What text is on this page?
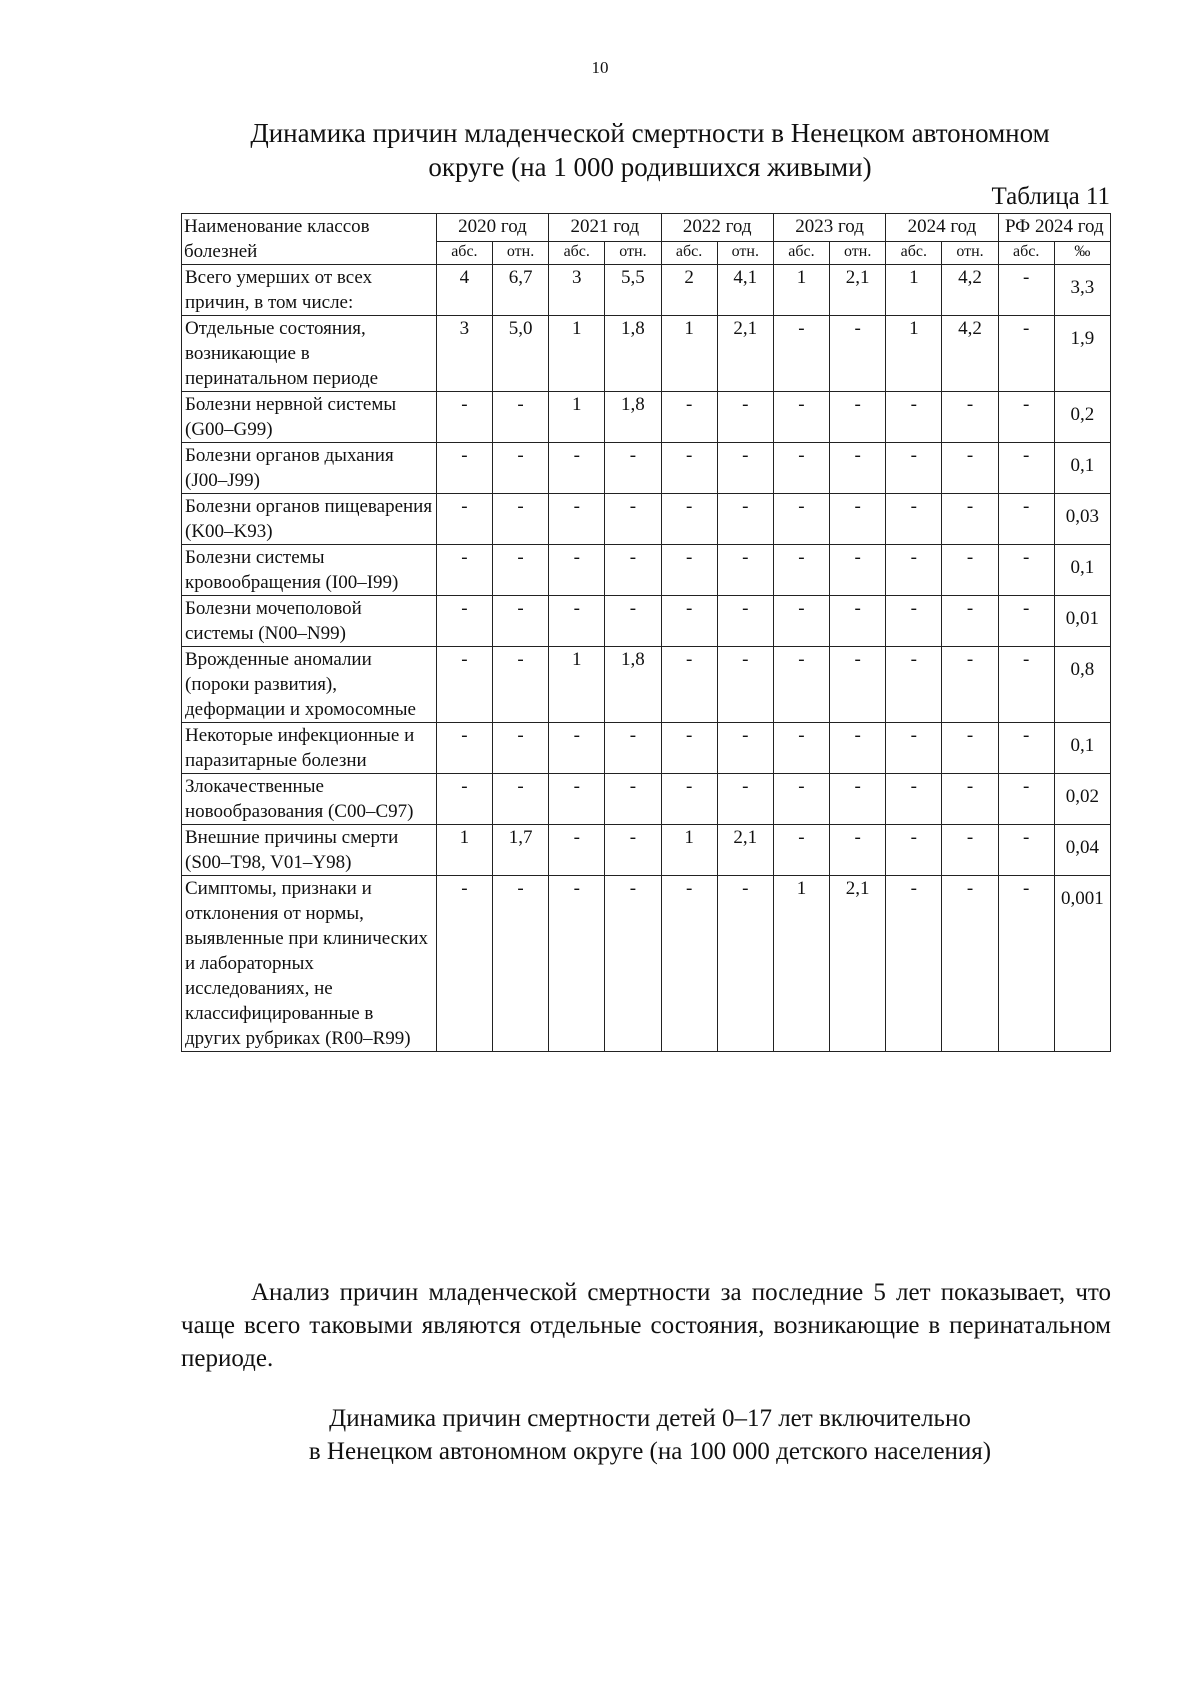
10
Динамика причин младенческой смертности в Ненецком автономном
округе (на 1 000 родившихся живыми)
Таблица 11
Наименование классов болезней	2020 год		2021 год		2022 год		2023 год		2024 год		РФ 2024 год	
	абс.	отн.	абс.	отн.	абс.	отн.	абс.	отн.	абс.	отн.	абс.	‰
Всего умерших от всех причин, в том числе:	4	6,7	3	5,5	2	4,1	1	2,1	1	4,2	-	3,3
Отдельные состояния, возникающие в перинатальном периоде	3	5,0	1	1,8	1	2,1	-	-	1	4,2	-	1,9
Болезни нервной системы (G00–G99)	-	-	1	1,8	-	-	-	-	-	-	-	0,2
Болезни органов дыхания (J00–J99)	-	-	-	-	-	-	-	-	-	-	-	0,1
Болезни органов пищеварения (K00–K93)	-	-	-	-	-	-	-	-	-	-	-	0,03
Болезни системы кровообращения (I00–I99)	-	-	-	-	-	-	-	-	-	-	-	0,1
Болезни мочеполовой системы (N00–N99)	-	-	-	-	-	-	-	-	-	-	-	0,01
Врожденные аномалии (пороки развития), деформации и хромосомные	-	-	1	1,8	-	-	-	-	-	-	-	0,8
Некоторые инфекционные и паразитарные болезни	-	-	-	-	-	-	-	-	-	-	-	0,1
Злокачественные новообразования (C00–C97)	-	-	-	-	-	-	-	-	-	-	-	0,02
Внешние причины смерти (S00–T98, V01–Y98)	1	1,7	-	-	1	2,1	-	-	-	-	-	0,04
Симптомы, признаки и отклонения от нормы, выявленные при клинических и лабораторных исследованиях, не классифицированные в других рубриках (R00–R99)	-	-	-	-	-	-	1	2,1	-	-	-	0,001
Анализ причин младенческой смертности за последние 5 лет показывает, что чаще всего таковыми являются отдельные состояния, возникающие в перинатальном периоде.
Динамика причин смертности детей 0–17 лет включительно
в Ненецком автономном округе (на 100 000 детского населения)
